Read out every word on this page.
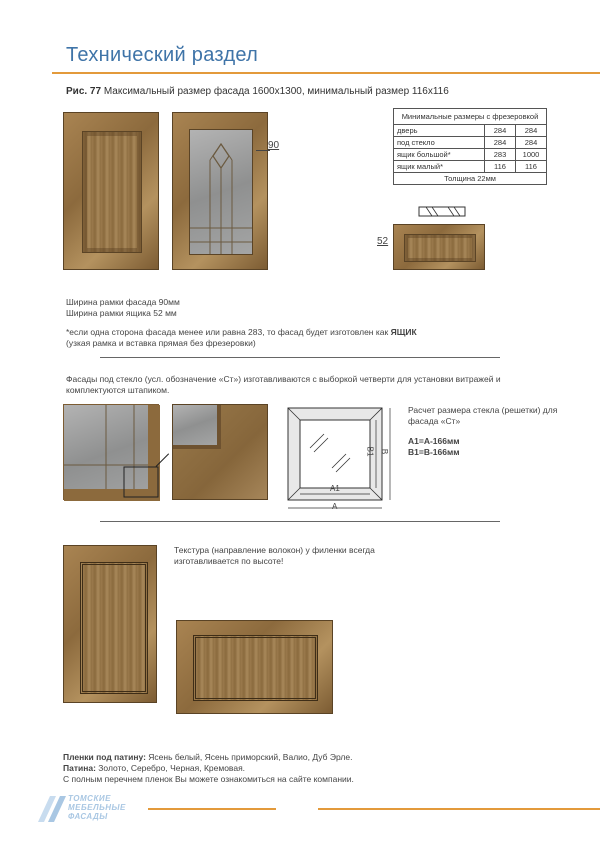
Технический раздел
Рис. 77 Максимальный размер фасада 1600х1300, минимальный размер 116х116
90
Минимальные размеры с фрезеровкой		
дверь	284	284
под стекло	284	284
ящик большой*	283	1000
ящик малый*	116	116
Толщина 22мм		
52
Ширина рамки фасада 90мм
Ширина рамки ящика 52 мм
*если одна сторона фасада менее или равна 283, то фасад будет изготовлен как ЯЩИК
(узкая рамка и вставка прямая без фрезеровки)
Фасады под стекло (усл. обозначение «Ст») изготавливаются с выборкой четверти для установки витражей и комплектуются штапиком.
A1
A
B1 B
Расчет размера стекла (решетки) для фасада «Ст»
А1=А-166мм
В1=В-166мм
Текстура (направление волокон) у филенки всегда изготавливается по высоте!
Пленки под патину: Ясень белый, Ясень приморский, Валио, Дуб Эрле.
Патина: Золото, Серебро, Черная, Кремовая.
С полным перечнем пленок Вы можете ознакомиться на сайте компании.
ТОМСКИЕ
МЕБЕЛЬНЫЕ
ФАСАДЫ
